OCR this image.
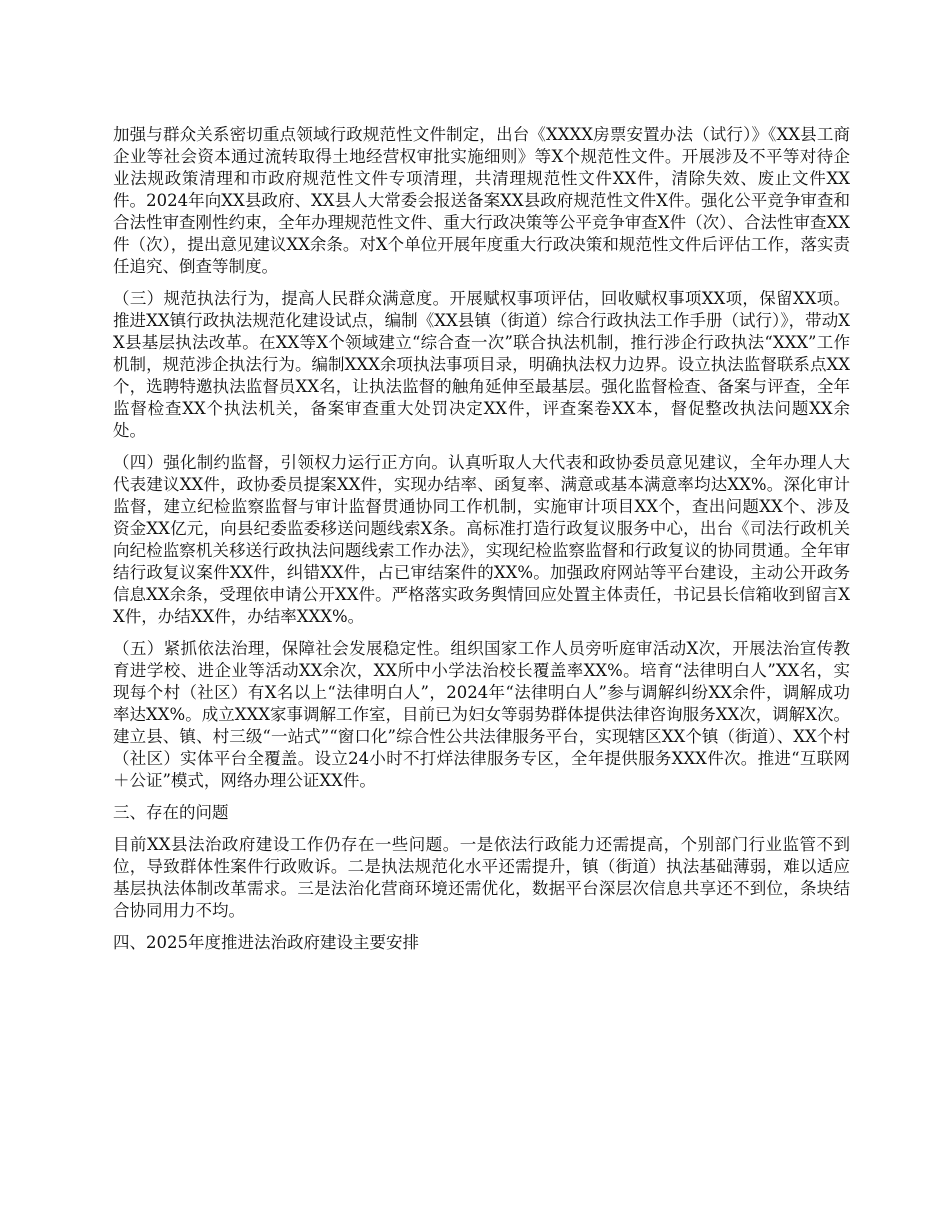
加强与群众关系密切重点领域行政规范性文件制定，出台《XXXX房票安置办法（试行）》《XX县工商企业等社会资本通过流转取得土地经营权审批实施细则》等X个规范性文件。开展涉及不平等对待企业法规政策清理和市政府规范性文件专项清理，共清理规范性文件XX件，清除失效、废止文件XX件。2024年向XX县政府、XX县人大常委会报送备案XX县政府规范性文件X件。强化公平竞争审查和合法性审查刚性约束，全年办理规范性文件、重大行政决策等公平竞争审查X件（次）、合法性审查XX件（次），提出意见建议XX余条。对X个单位开展年度重大行政决策和规范性文件后评估工作，落实责任追究、倒查等制度。

（三）规范执法行为，提高人民群众满意度。开展赋权事项评估，回收赋权事项XX项，保留XX项。推进XX镇行政执法规范化建设试点，编制《XX县镇（街道）综合行政执法工作手册（试行）》，带动XX县基层执法改革。在XX等X个领域建立“综合查一次”联合执法机制，推行涉企行政执法“XXX”工作机制，规范涉企执法行为。编制XXX余项执法事项目录，明确执法权力边界。设立执法监督联系点XX个，选聘特邀执法监督员XX名，让执法监督的触角延伸至最基层。强化监督检查、备案与评查，全年监督检查XX个执法机关，备案审查重大处罚决定XX件，评查案卷XX本，督促整改执法问题XX余处。

（四）强化制约监督，引领权力运行正方向。认真听取人大代表和政协委员意见建议，全年办理人大代表建议XX件，政协委员提案XX件，实现办结率、函复率、满意或基本满意率均达XX%。深化审计监督，建立纪检监察监督与审计监督贯通协同工作机制，实施审计项目XX个，查出问题XX个、涉及资金XX亿元，向县纪委监委移送问题线索X条。高标准打造行政复议服务中心，出台《司法行政机关向纪检监察机关移送行政执法问题线索工作办法》，实现纪检监察监督和行政复议的协同贯通。全年审结行政复议案件XX件，纠错XX件，占已审结案件的XX%。加强政府网站等平台建设，主动公开政务信息XX余条，受理依申请公开XX件。严格落实政务舆情回应处置主体责任，书记县长信箱收到留言XX件，办结XX件，办结率XXX%。

（五）紧抓依法治理，保障社会发展稳定性。组织国家工作人员旁听庭审活动X次，开展法治宣传教育进学校、进企业等活动XX余次，XX所中小学法治校长覆盖率XX%。培育“法律明白人”XX名，实现每个村（社区）有X名以上“法律明白人”，2024年“法律明白人”参与调解纠纷XX余件，调解成功率达XX%。成立XXX家事调解工作室，目前已为妇女等弱势群体提供法律咨询服务XX次，调解X次。建立县、镇、村三级“一站式”“窗口化”综合性公共法律服务平台，实现辖区XX个镇（街道）、XX个村（社区）实体平台全覆盖。设立24小时不打烊法律服务专区，全年提供服务XXX件次。推进“互联网＋公证”模式，网络办理公证XX件。

三、存在的问题

目前XX县法治政府建设工作仍存在一些问题。一是依法行政能力还需提高，个别部门行业监管不到位，导致群体性案件行政败诉。二是执法规范化水平还需提升，镇（街道）执法基础薄弱，难以适应基层执法体制改革需求。三是法治化营商环境还需优化，数据平台深层次信息共享还不到位，条块结合协同用力不均。

四、2025年度推进法治政府建设主要安排
